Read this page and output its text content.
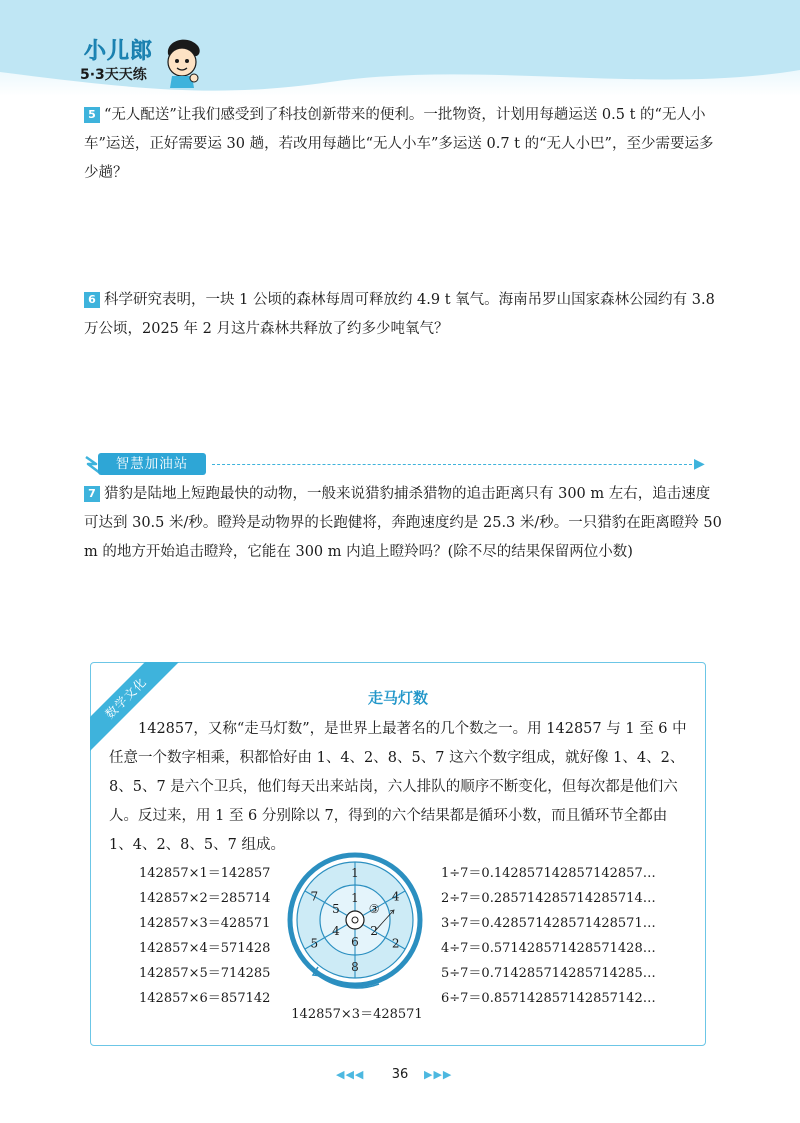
小儿郎
5·3天天练
5 “无人配送”让我们感受到了科技创新带来的便利。一批物资，计划用每趟运送 0.5 t 的“无人小车”运送，正好需要运 30 趟，若改用每趟比“无人小车”多运送 0.7 t 的“无人小巴”，至少需要运多少趟？
6 科学研究表明，一块 1 公顷的森林每周可释放约 4.9 t 氧气。海南吊罗山国家森林公园约有 3.8 万公顷，2025 年 2 月这片森林共释放了约多少吨氧气？
智慧加油站	▶
7 猎豹是陆地上短跑最快的动物，一般来说猎豹捕杀猎物的追击距离只有 300 m 左右，追击速度可达到 30.5 米/秒。瞪羚是动物界的长跑健将，奔跑速度约是 25.3 米/秒。一只猎豹在距离瞪羚 50 m 的地方开始追击瞪羚，它能在 300 m 内追上瞪羚吗？(除不尽的结果保留两位小数)
数学文化	走马灯数

142857，又称“走马灯数”，是世界上最著名的几个数之一。用 142857 与 1 至 6 中任意一个数字相乘，积都恰好由 1、4、2、8、5、7 这六个数字组成，就好像 1、4、2、8、5、7 是六个卫兵，他们每天出来站岗，六人排队的顺序不断变化，但每次都是他们六人。反过来，用 1 至 6 分别除以 7，得到的六个结果都是循环小数，而且循环节全都由 1、4、2、8、5、7 组成。

142857×1＝142857
142857×2＝285714
142857×3＝428571
142857×4＝571428
142857×5＝714285
142857×6＝857142
1
4
2
8
5
7	1
③
2
6
4
5
142857×3＝428571
1÷7＝0.142857142857142857…
2÷7＝0.285714285714285714…
3÷7＝0.428571428571428571…
4÷7＝0.571428571428571428…
5÷7＝0.714285714285714285…
6÷7＝0.857142857142857142…
◀◀◀	36	▶▶▶
